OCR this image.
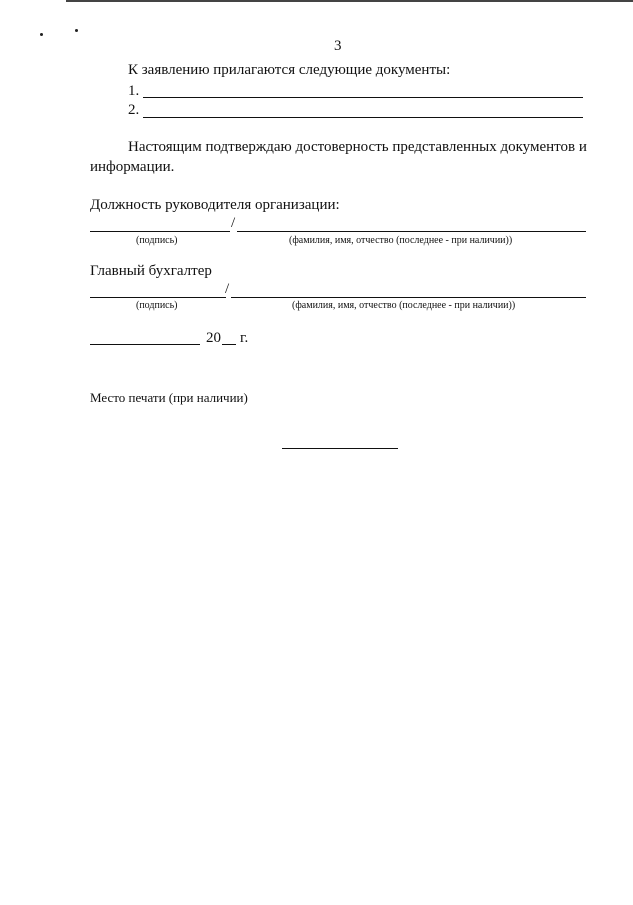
3
К заявлению прилагаются следующие документы:
1.
2.
Настоящим подтверждаю достоверность представленных документов и
информации.
Должность руководителя организации:
/
(подпись)	(фамилия, имя, отчество (последнее - при наличии))
Главный бухгалтер
/
(подпись)	(фамилия, имя, отчество (последнее - при наличии))
20 г.
Место печати (при наличии)
